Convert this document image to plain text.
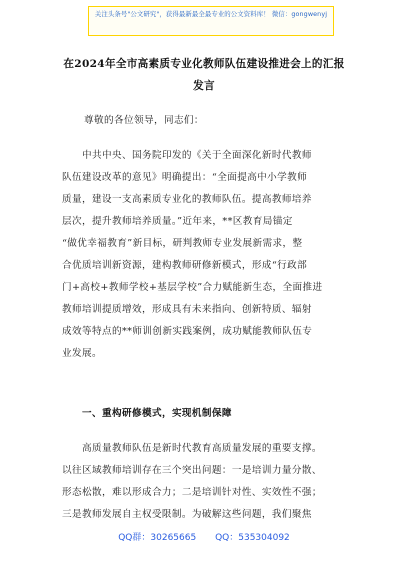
关注头条号"公文研究"，获得最新最全最专业的公文资料库！ 微信：gongwenyj
在2024年全市高素质专业化教师队伍建设推进会上的汇报
发言

尊敬的各位领导，同志们：

中共中央、国务院印发的《关于全面深化新时代教师
队伍建设改革的意见》明确提出：“全面提高中小学教师
质量，建设一支高素质专业化的教师队伍。提高教师培养
层次，提升教师培养质量。”近年来，**区教育局锚定
“做优幸福教育”新目标，研判教师专业发展新需求，整
合优质培训新资源，建构教师研修新模式，形成“行政部
门+高校+教师学校+基层学校”合力赋能新生态，全面推进
教师培训提质增效，形成具有未来指向、创新特质、辐射
成效等特点的**师训创新实践案例，成功赋能教师队伍专
业发展。

一、重构研修模式，实现机制保障

高质量教师队伍是新时代教育高质量发展的重要支撑。
以往区域教师培训存在三个突出问题：一是培训力量分散、
形态松散，难以形成合力；二是培训针对性、实效性不强；
三是教师发展自主权受限制。为破解这些问题，我们聚焦

QQ群：30265665 QQ：535304092
